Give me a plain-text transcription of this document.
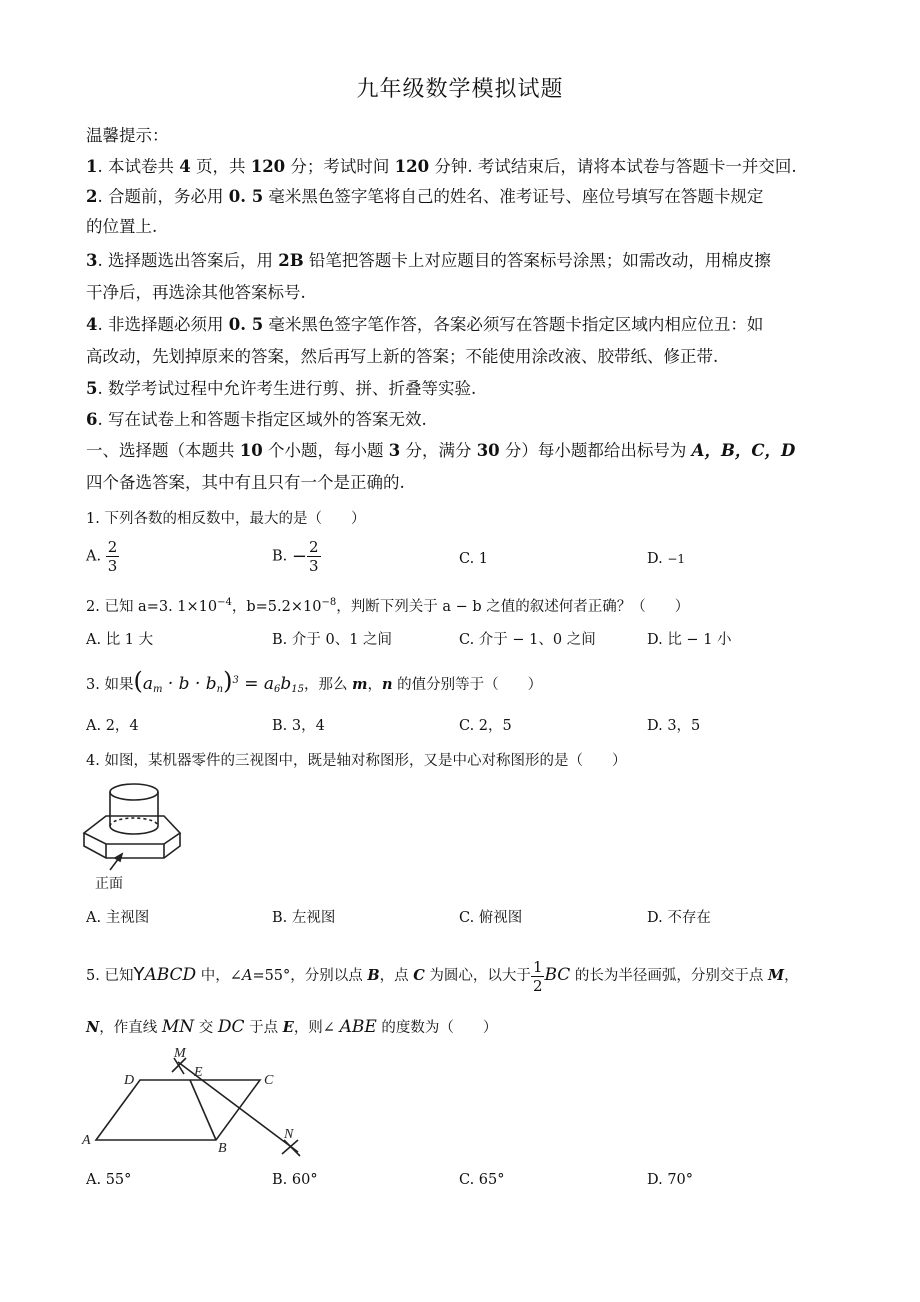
九年级数学模拟试题
温馨提示：
1. 本试卷共 4 页，共 120 分；考试时间 120 分钟. 考试结束后，请将本试卷与答题卡一并交回.
2. 合题前，务必用 0. 5 毫米黑色签字笔将自己的姓名、准考证号、座位号填写在答题卡规定
的位置上.
3. 选择题选出答案后，用 2B 铅笔把答题卡上对应题目的答案标号涂黑；如需改动，用棉皮擦
干净后，再选涂其他答案标号.
4. 非选择题必须用 0. 5 毫米黑色签字笔作答，各案必须写在答题卡指定区域内相应位丑：如
高改动，先划掉原来的答案，然后再写上新的答案；不能使用涂改液、胶带纸、修正带.
5. 数学考试过程中允许考生进行剪、拼、折叠等实验.
6. 写在试卷上和答题卡指定区域外的答案无效.
一、选择题（本题共 10 个小题，每小题 3 分，满分 30 分）每小题都给出标号为 A，B，C，D
四个备选答案，其中有且只有一个是正确的.
1. 下列各数的相反数中，最大的是（　　）
A. $\frac{2}{3}$	B. − $\frac{2}{3}$	C. 1	D. −1
2. 已知 a=3. $1\times 10^{-4}$，$b=5.2\times 10^{-8}$，判断下列关于 a − b 之值的叙述何者正确？（　　）
A. 比 1 大	B. 介于 0、1 之间	C. 介于 − 1、0 之间	D. 比 − 1 小
3. 如果$(a_m \cdot b \cdot b_n)^3 = a_6b_{15}$，那么 m，n 的值分别等于（　　）
A. 2，4	B. 3，4	C. 2，5	D. 3，5
4. 如图，某机器零件的三视图中，既是轴对称图形，又是中心对称图形的是（　　）
正面
A. 主视图	B. 左视图	C. 俯视图	D. 不存在
5. 已知YABCD 中，∠A=55°，分别以点 B，点 C 为圆心，以大于 $\frac{1}{2}$ BC 的长为半径画弧，分别交于点 M，
N，作直线 MN 交 DC 于点 E，则∠ ABE 的度数为（　　）
D
E
C
M
A
B
N
A. 55°	B. 60°	C. 65°	D. 70°
